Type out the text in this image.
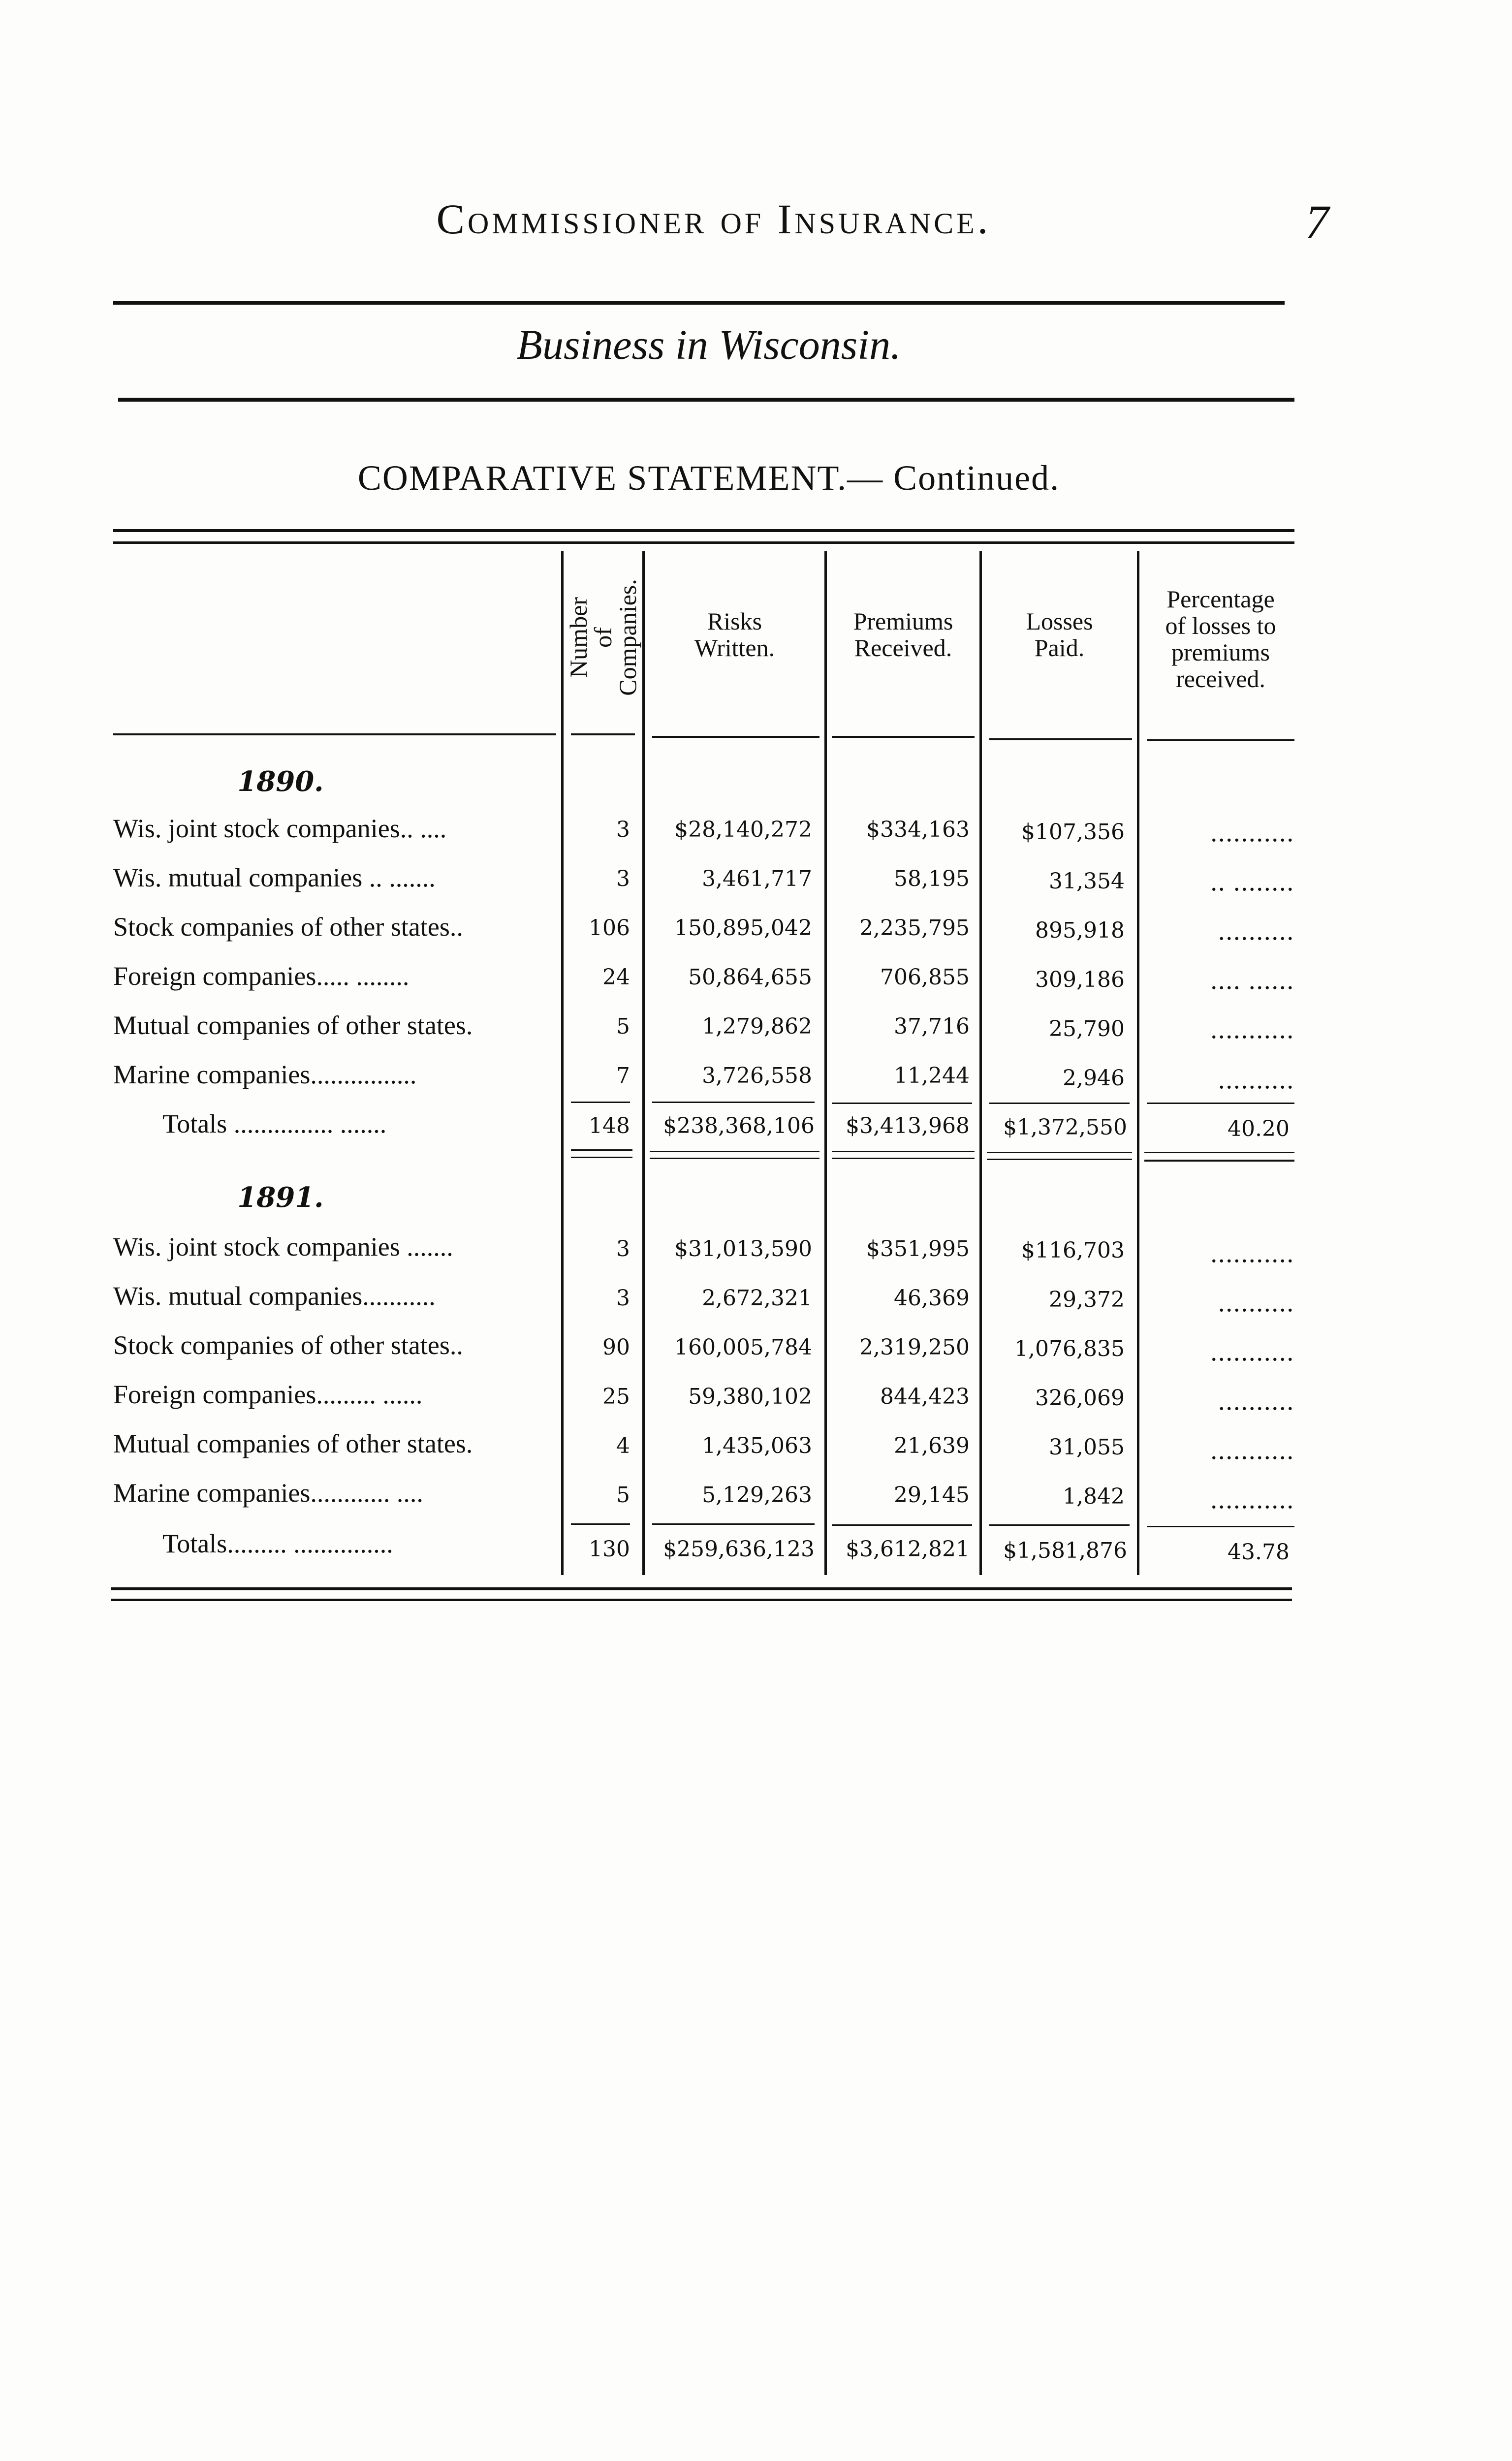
Commissioner of Insurance.	7
Business in Wisconsin.
COMPARATIVE STATEMENT.— Continued.
Number
of
Companies.	Risks
Written.
Premiums
Received.
Losses
Paid.
Percentage
of losses to
premiums
received.
1890.
Wis. joint stock companies.. ....	3	$28,140,272	$334,163	$107,356	...........
Wis. mutual companies .. .......	3	3,461,717	58,195	31,354	.. ........
Stock companies of other states..	106	150,895,042	2,235,795	895,918	..........
Foreign companies..... ........	24	50,864,655	706,855	309,186	.... ......
Mutual companies of other states.	5	1,279,862	37,716	25,790	...........
Marine companies................	7	3,726,558	11,244	2,946	..........
Totals ............... .......	148	$238,368,106	$3,413,968	$1,372,550	40.20
1891.
Wis. joint stock companies .......	3	$31,013,590	$351,995	$116,703	...........
Wis. mutual companies...........	3	2,672,321	46,369	29,372	..........
Stock companies of other states..	90	160,005,784	2,319,250	1,076,835	...........
Foreign companies......... ......	25	59,380,102	844,423	326,069	..........
Mutual companies of other states.	4	1,435,063	21,639	31,055	...........
Marine companies............ ....	5	5,129,263	29,145	1,842	...........
Totals......... ...............	130	$259,636,123	$3,612,821	$1,581,876	43.78
